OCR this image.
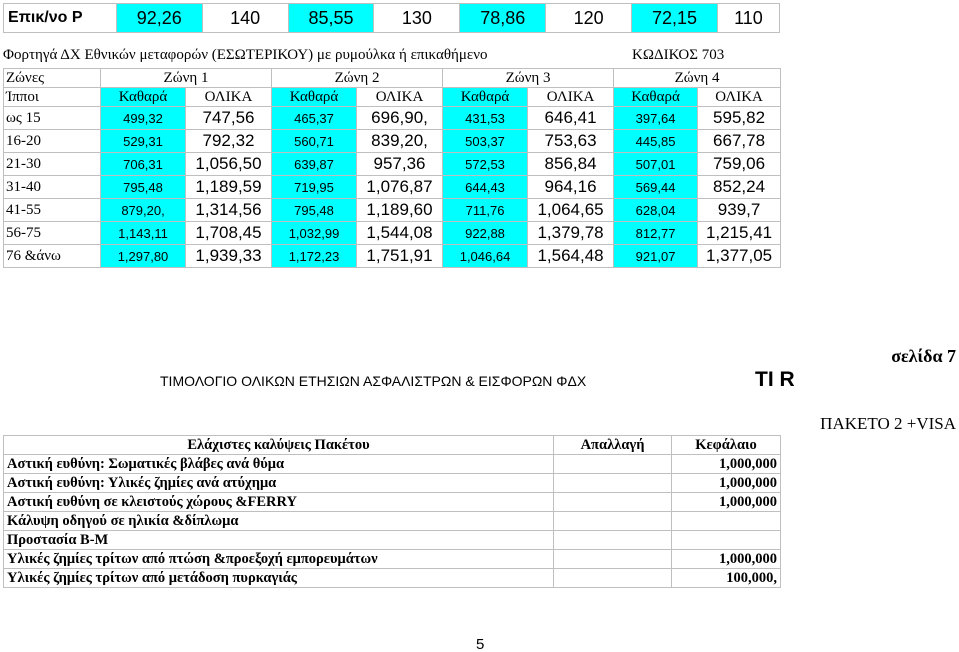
Επικ/νο Ρ	92,26	140	85,55	130	78,86	120	72,15	110
Φορτηγά ΔΧ Εθνικών μεταφορών (ΕΣΩΤΕΡΙΚΟΥ) με ρυμούλκα ή επικαθήμενο	ΚΩΔΙΚΟΣ 703
Ζώνες	Ζώνη 1		Ζώνη 2		Ζώνη 3		Ζώνη 4	
Ίπποι	Καθαρά	ΟΛΙΚΑ	Καθαρά	ΟΛΙΚΑ	Καθαρά	ΟΛΙΚΑ	Καθαρά	ΟΛΙΚΑ
ως 15	499,32	747,56	465,37	696,90,	431,53	646,41	397,64	595,82
16-20	529,31	792,32	560,71	839,20,	503,37	753,63	445,85	667,78
21-30	706,31	1,056,50	639,87	957,36	572,53	856,84	507,01	759,06
31-40	795,48	1,189,59	719,95	1,076,87	644,43	964,16	569,44	852,24
41-55	879,20,	1,314,56	795,48	1,189,60	711,76	1,064,65	628,04	939,7
56-75	1,143,11	1,708,45	1,032,99	1,544,08	922,88	1,379,78	812,77	1,215,41
76 &άνω	1,297,80	1,939,33	1,172,23	1,751,91	1,046,64	1,564,48	921,07	1,377,05
σελίδα 7
ΤΙΜΟΛΟΓΙΟ ΟΛΙΚΩΝ ΕΤΗΣΙΩΝ ΑΣΦΑΛΙΣΤΡΩΝ & ΕΙΣΦΟΡΩΝ ΦΔΧ	TI R
ΠΑΚΕΤΟ 2 +VISA
Ελάχιστες καλύψεις Πακέτου	Απαλλαγή	Κεφάλαιο
Αστική ευθύνη: Σωματικές βλάβες ανά θύμα		1,000,000
Αστική ευθύνη: Υλικές ζημίες ανά ατύχημα		1,000,000
Αστική ευθύνη σε κλειστούς χώρους &FERRY		1,000,000
Κάλυψη οδηγού σε ηλικία &δίπλωμα		
Προστασία Β-Μ		
Υλικές ζημίες τρίτων από πτώση &προεξοχή εμπορευμάτων		1,000,000
Υλικές ζημίες τρίτων από μετάδοση πυρκαγιάς		100,000,
5
